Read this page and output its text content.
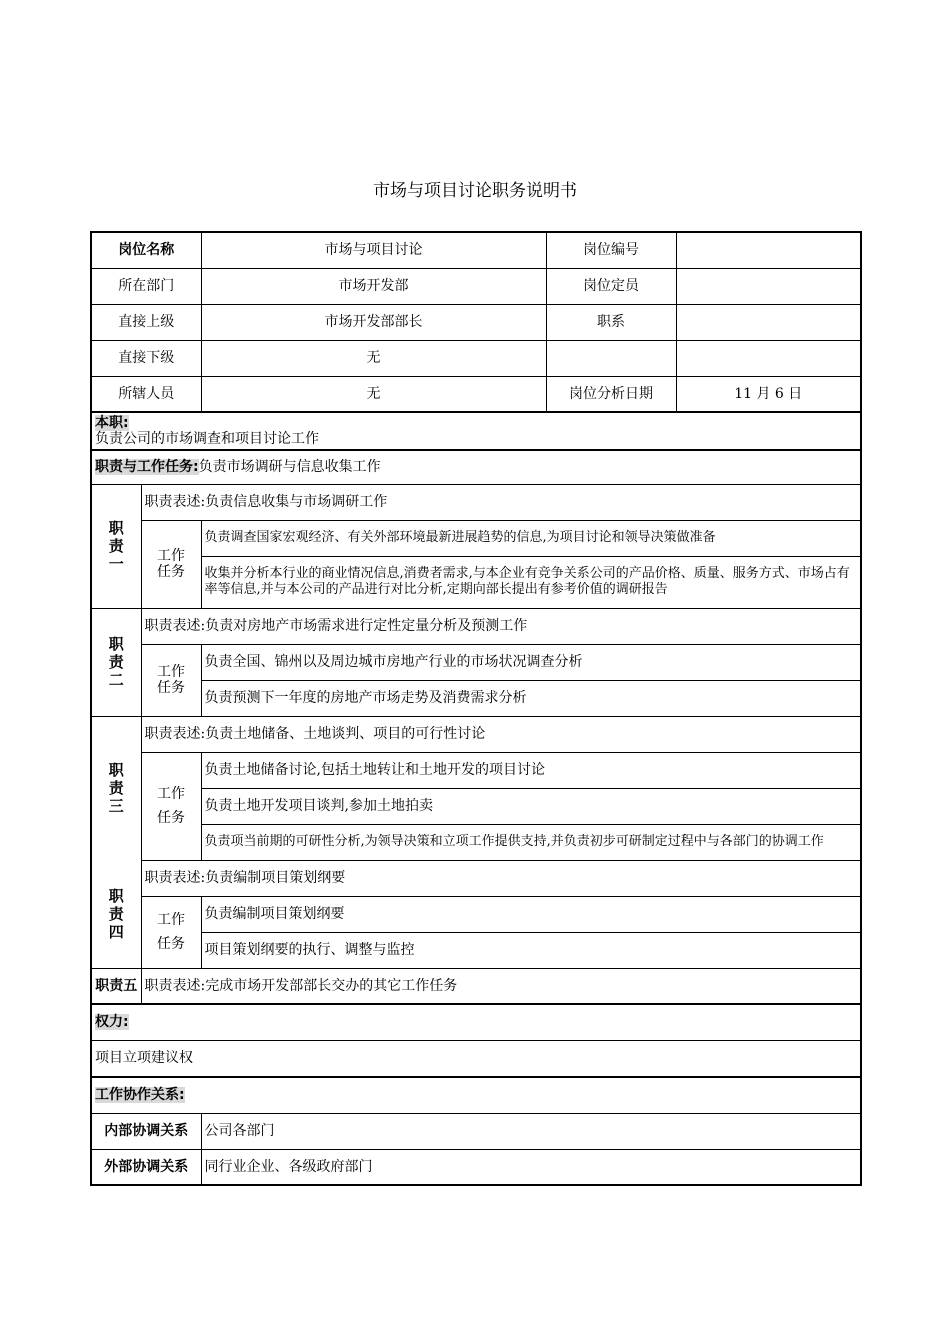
市场与项目讨论职务说明书
岗位名称		市场与项目讨论	岗位编号	
所在部门		市场开发部	岗位定员	
直接上级		市场开发部部长	职系	
直接下级		无		
所辖人员		无	岗位分析日期	11 月 6 日

本职:
负责公司的市场调查和项目讨论工作				

职责与工作任务:负责市场调研与信息收集工作				

职责一	职责表述:负责信息收集与市场调研工作			

	工作任务	负责调查国家宏观经济、有关外部环境最新进展趋势的信息,为项目讨论和领导决策做准备		
		收集并分析本行业的商业情况信息,消费者需求,与本企业有竞争关系公司的产品价格、质量、服务方式、市场占有率等信息,并与本公司的产品进行对比分析,定期向部长提出有参考价值的调研报告		

职责二	职责表述:负责对房地产市场需求进行定性定量分析及预测工作			

	工作任务	负责全国、锦州以及周边城市房地产行业的市场状况调查分析		
		负责预测下一年度的房地产市场走势及消费需求分析		

职责三	职责表述:负责土地储备、土地谈判、项目的可行性讨论			

	工作任务	负责土地储备讨论,包括土地转让和土地开发的项目讨论		
		负责土地开发项目谈判,参加土地拍卖		
		负责项当前期的可研性分析,为领导决策和立项工作提供支持,并负责初步可研制定过程中与各部门的协调工作		

职责四	职责表述:负责编制项目策划纲要			

	工作任务	负责编制项目策划纲要		
		项目策划纲要的执行、调整与监控		
职责五	职责表述:完成市场开发部部长交办的其它工作任务			
权力:				
项目立项建议权				
工作协作关系:				
内部协调关系		公司各部门		
外部协调关系		同行业企业、各级政府部门		
